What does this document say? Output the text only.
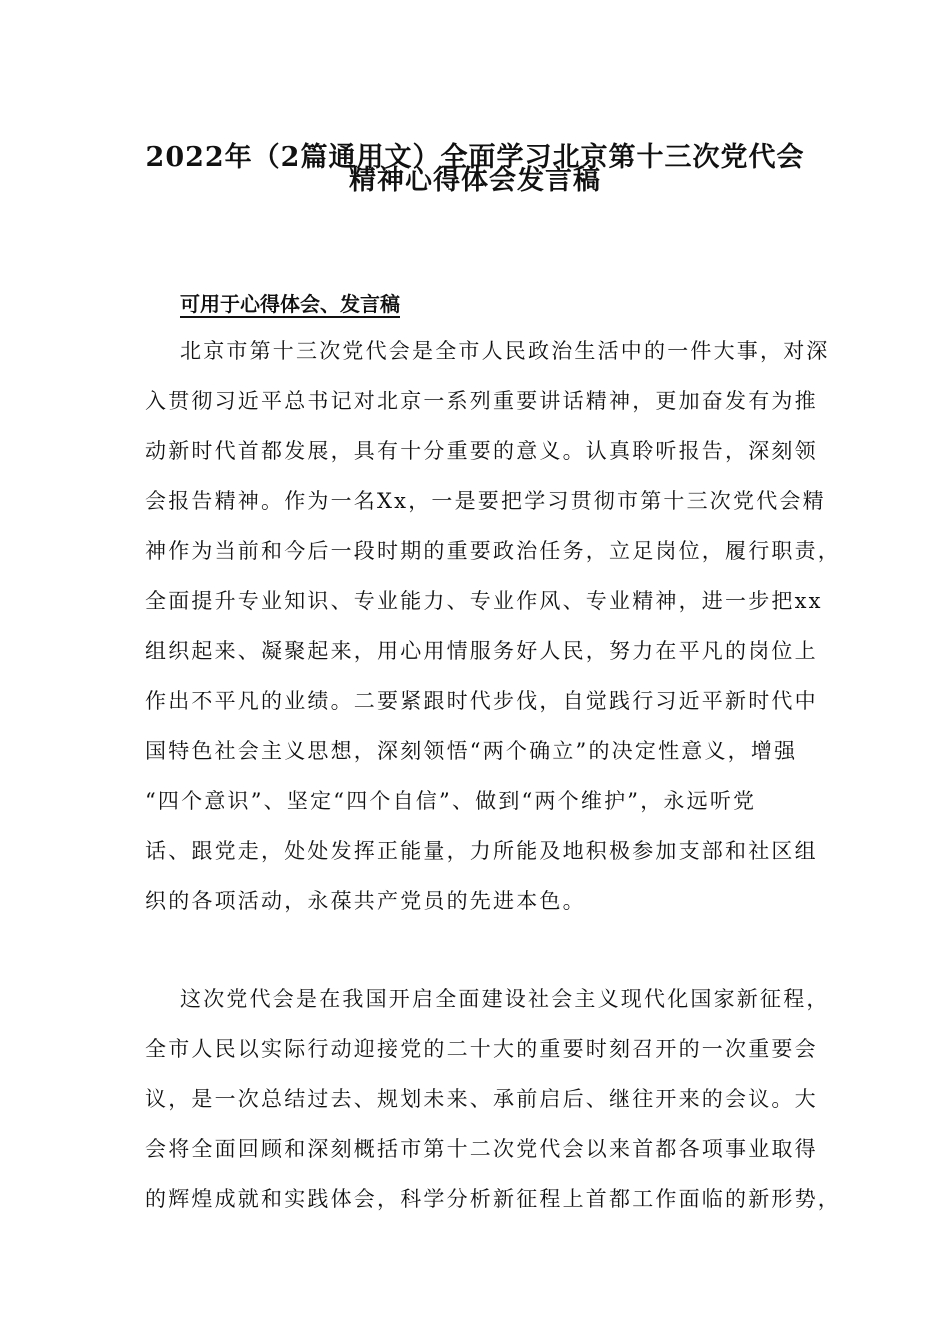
2022年（2篇通用文）全面学习北京第十三次党代会
精神心得体会发言稿
可用于心得体会、发言稿
北京市第十三次党代会是全市人民政治生活中的一件大事，对深
入贯彻习近平总书记对北京一系列重要讲话精神，更加奋发有为推
动新时代首都发展，具有十分重要的意义。认真聆听报告，深刻领
会报告精神。作为一名Xx，一是要把学习贯彻市第十三次党代会精
神作为当前和今后一段时期的重要政治任务，立足岗位，履行职责，
全面提升专业知识、专业能力、专业作风、专业精神，进一步把xx
组织起来、凝聚起来，用心用情服务好人民，努力在平凡的岗位上
作出不平凡的业绩。二要紧跟时代步伐，自觉践行习近平新时代中
国特色社会主义思想，深刻领悟“两个确立”的决定性意义，增强
“四个意识”、坚定“四个自信”、做到“两个维护”，永远听党
话、跟党走，处处发挥正能量，力所能及地积极参加支部和社区组
织的各项活动，永葆共产党员的先进本色。
这次党代会是在我国开启全面建设社会主义现代化国家新征程，
全市人民以实际行动迎接党的二十大的重要时刻召开的一次重要会
议，是一次总结过去、规划未来、承前启后、继往开来的会议。大
会将全面回顾和深刻概括市第十二次党代会以来首都各项事业取得
的辉煌成就和实践体会，科学分析新征程上首都工作面临的新形势，
